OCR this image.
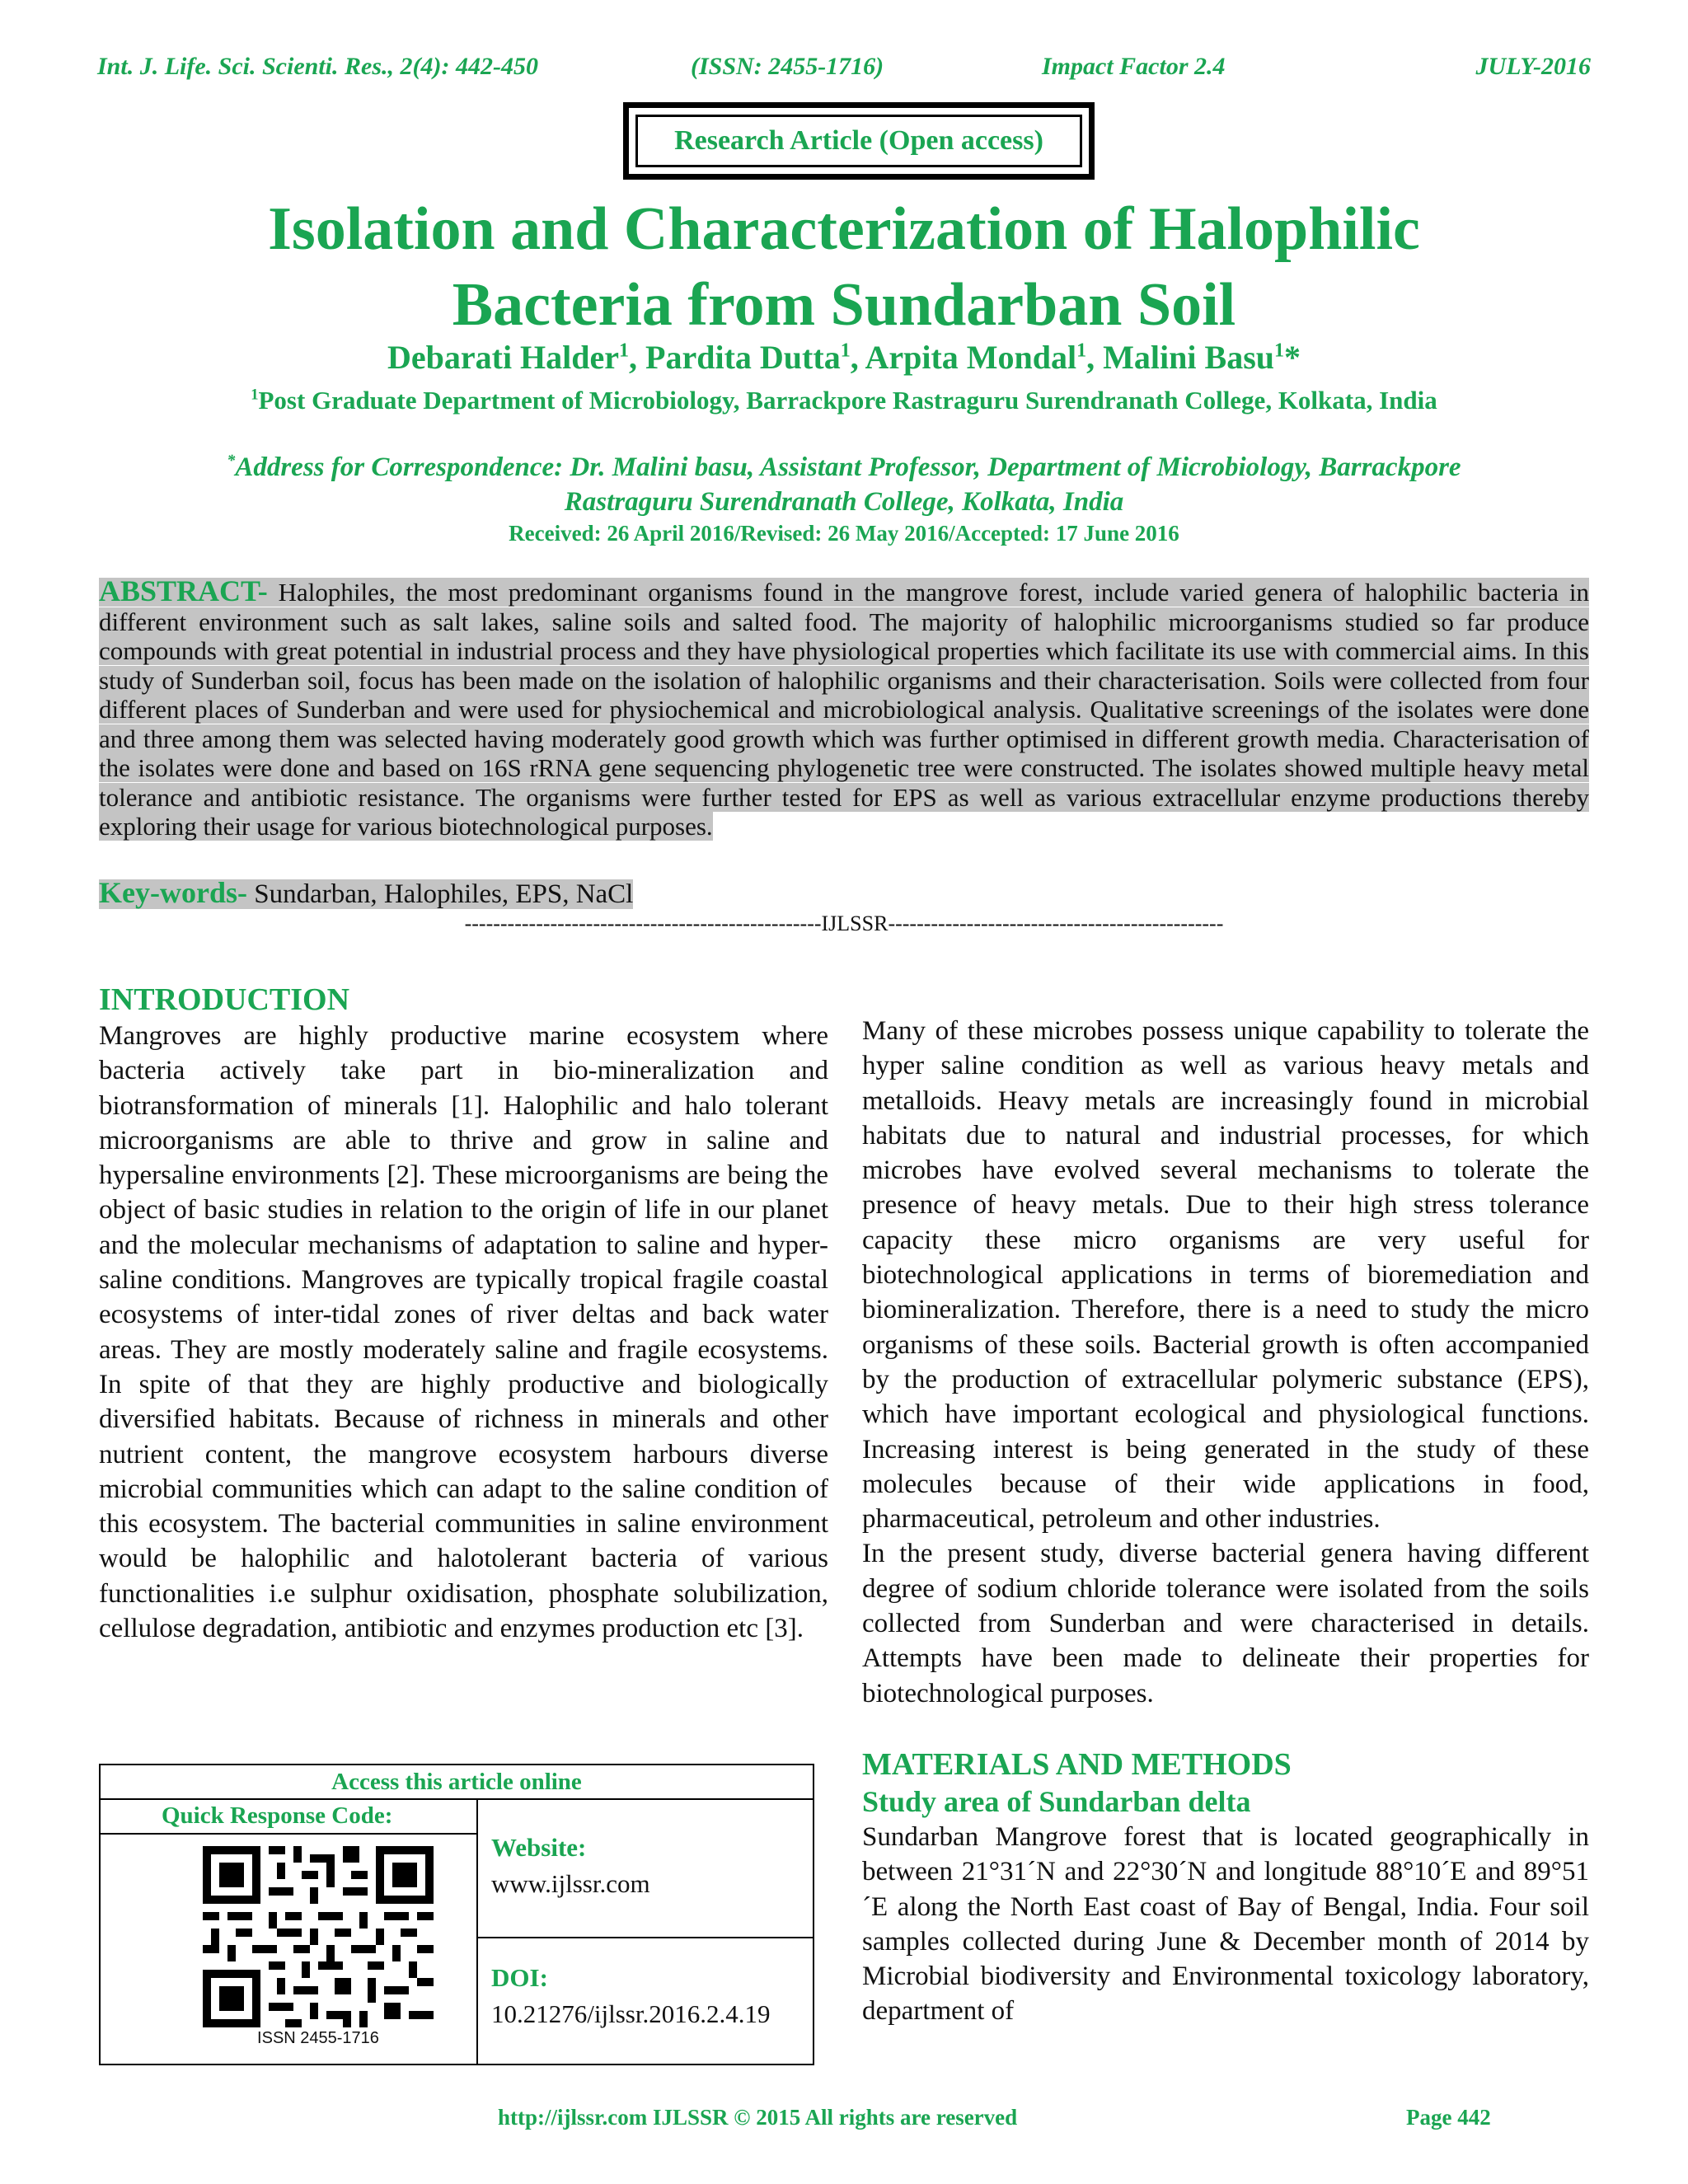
Int. J. Life. Sci. Scienti. Res., 2(4): 442-450	(ISSN: 2455-1716)	Impact Factor 2.4	JULY-2016
Research Article (Open access)
Isolation and Characterization of Halophilic
Bacteria from Sundarban Soil
Debarati Halder$^1$, Pardita Dutta$^1$, Arpita Mondal$^1$, Malini Basu$^1$*
$^1$Post Graduate Department of Microbiology, Barrackpore Rastraguru Surendranath College, Kolkata, India
*Address for Correspondence: Dr. Malini basu, Assistant Professor, Department of Microbiology, Barrackpore
Rastraguru Surendranath College, Kolkata, India
Received: 26 April 2016/Revised: 26 May 2016/Accepted: 17 June 2016
ABSTRACT- Halophiles, the most predominant organisms found in the mangrove forest, include varied genera of halophilic bacteria in different environment such as salt lakes, saline soils and salted food. The majority of halophilic microorganisms studied so far produce compounds with great potential in industrial process and they have physiological properties which facilitate its use with commercial aims. In this study of Sunderban soil, focus has been made on the isolation of halophilic organisms and their characterisation. Soils were collected from four different places of Sunderban and were used for physiochemical and microbiological analysis. Qualitative screenings of the isolates were done and three among them was selected having moderately good growth which was further optimised in different growth media. Characterisation of the isolates were done and based on 16S rRNA gene sequencing phylogenetic tree were constructed. The isolates showed multiple heavy metal tolerance and antibiotic resistance. The organisms were further tested for EPS as well as various extracellular enzyme productions thereby exploring their usage for various biotechnological purposes.
Key-words- Sundarban, Halophiles, EPS, NaCl
--------------------------------------------------IJLSSR-----------------------------------------------
INTRODUCTION

Mangroves are highly productive marine ecosystem where bacteria actively take part in bio-mineralization and biotransformation of minerals [1]. Halophilic and halo tolerant microorganisms are able to thrive and grow in saline and hypersaline environments [2]. These microorganisms are being the object of basic studies in relation to the origin of life in our planet and the molecular mechanisms of adaptation to saline and hyper-saline conditions. Mangroves are typically tropical fragile coastal ecosystems of inter-tidal zones of river deltas and back water areas. They are mostly moderately saline and fragile ecosystems. In spite of that they are highly productive and biologically diversified habitats. Because of richness in minerals and other nutrient content, the mangrove ecosystem harbours diverse microbial communities which can adapt to the saline condition of this ecosystem. The bacterial communities in saline environment would be halophilic and halotolerant bacteria of various functionalities i.e sulphur oxidisation, phosphate solubilization, cellulose degradation, antibiotic and enzymes production etc [3].

Access this article online
Quick Response Code:
ISSN 2455-1716
Website:
www.ijlssr.com
DOI:
10.21276/ijlssr.2016.2.4.19

Many of these microbes possess unique capability to tolerate the hyper saline condition as well as various heavy metals and metalloids. Heavy metals are increasingly found in microbial habitats due to natural and industrial processes, for which microbes have evolved several mechanisms to tolerate the presence of heavy metals. Due to their high stress tolerance capacity these micro organisms are very useful for biotechnological applications in terms of bioremediation and biomineralization. Therefore, there is a need to study the micro organisms of these soils. Bacterial growth is often accompanied by the production of extracellular polymeric substance (EPS), which have important ecological and physiological functions. Increasing interest is being generated in the study of these molecules because of their wide applications in food, pharmaceutical, petroleum and other industries.

In the present study, diverse bacterial genera having different degree of sodium chloride tolerance were isolated from the soils collected from Sunderban and were characterised in details. Attempts have been made to delineate their properties for biotechnological purposes.

MATERIALS AND METHODS
Study area of Sundarban delta

Sundarban Mangrove forest that is located geographically in between 21°31´N and 22°30´N and longitude 88°10´E and 89°51´E along the North East coast of Bay of Bengal, India. Four soil samples collected during June & December month of 2014 by Microbial biodiversity and Environmental toxicology laboratory, department of

http://ijlssr.com IJLSSR © 2015 All rights are reserved	Page 442
